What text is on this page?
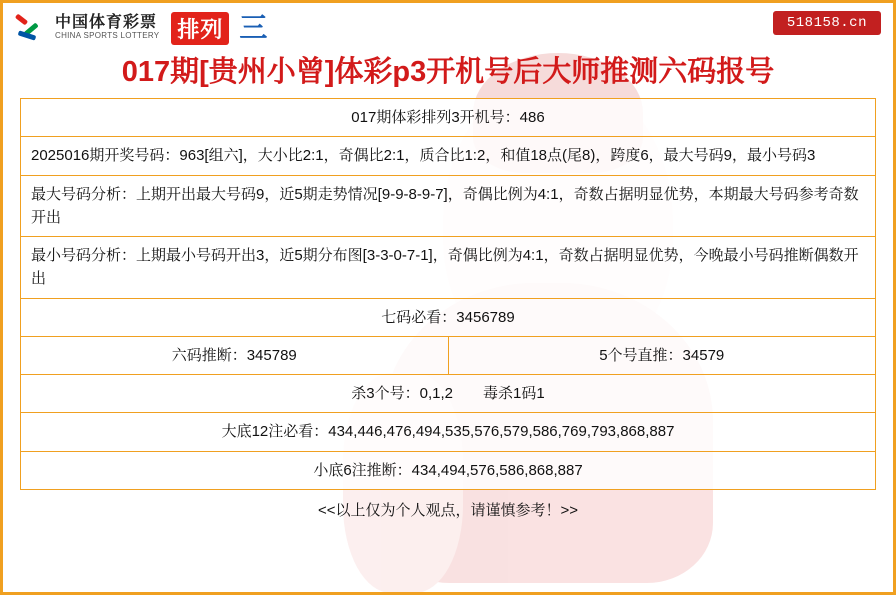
中国体育彩票
CHINA SPORTS LOTTERY 排列 三	518158.cn
017期[贵州小曾]体彩p3开机号后大师推测六码报号
017期体彩排列3开机号：486
2025016期开奖号码：963[组六]，大小比2:1，奇偶比2:1，质合比1:2，和值18点(尾8)，跨度6，最大号码9，最小号码3
最大号码分析：上期开出最大号码9，近5期走势情况[9-9-8-9-7]，奇偶比例为4:1，奇数占据明显优势，本期最大号码参考奇数开出
最小号码分析：上期最小号码开出3，近5期分布图[3-3-0-7-1]，奇偶比例为4:1，奇数占据明显优势，今晚最小号码推断偶数开出
七码必看：3456789
六码推断：345789	5个号直推：34579
杀3个号：0,1,2　　毒杀1码1
大底12注必看：434,446,476,494,535,576,579,586,769,793,868,887
小底6注推断：434,494,576,586,868,887
<<以上仅为个人观点，请谨慎参考！>>
